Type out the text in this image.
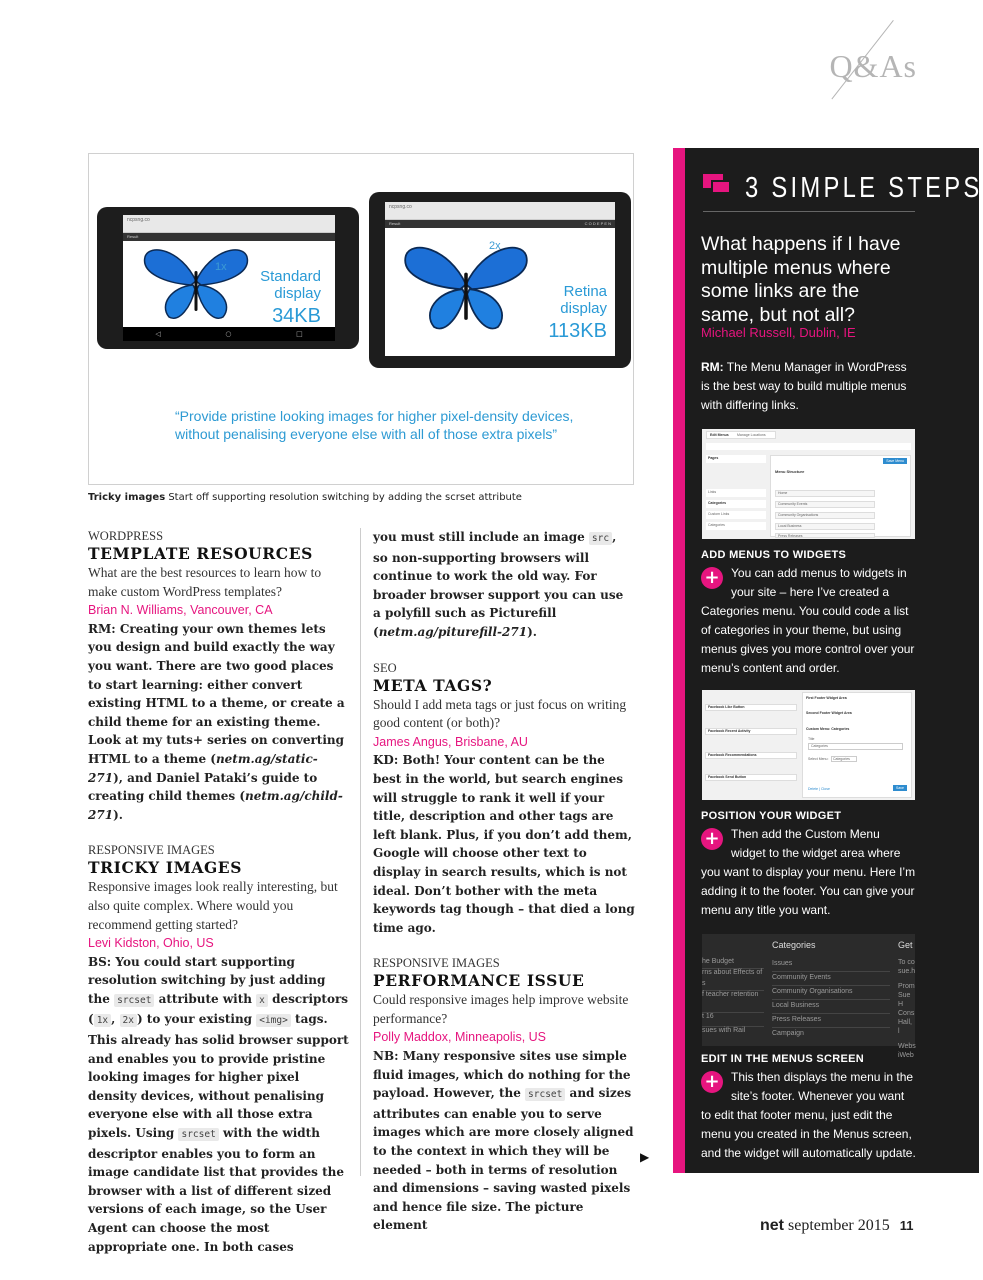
Q&As
ncpsng.co
Result
1x
Standard
display
34KB
◁	○	□
ncpsng.co
Result	C O D E P E N
2x
Retina
display
113KB
“Provide pristine looking images for higher pixel-density devices,
without penalising everyone else with all of those extra pixels”
Tricky images Start off supporting resolution switching by adding the scrset attribute
WORDPRESS
TEMPLATE RESOURCES
What are the best resources to learn how to make custom WordPress templates?
Brian N. Williams, Vancouver, CA
RM: Creating your own themes lets you design and build exactly the way you want. There are two good places to start learning: either convert existing HTML to a theme, or create a child theme for an existing theme. Look at my tuts+ series on converting HTML to a theme (netm.ag/static-271), and Daniel Pataki’s guide to creating child themes (netm.ag/child-271).
RESPONSIVE IMAGES
TRICKY IMAGES
Responsive images look really interesting, but also quite complex. Where would you recommend getting started?
Levi Kidston, Ohio, US
BS: You could start supporting resolution switching by just adding the srcset attribute with x descriptors ( 1x , 2x ) to your existing <img> tags. This already has solid browser support and enables you to provide pristine looking images for higher pixel density devices, without penalising everyone else with all those extra pixels. Using srcset with the width descriptor enables you to form an image candidate list that provides the browser with a list of different sized versions of each image, so the User Agent can choose the most appropriate one. In both cases
you must still include an image src , so non-supporting browsers will continue to work the old way. For broader browser support you can use a polyfill such as Picturefill (netm.ag/piturefill-271).
SEO
META TAGS?
Should I add meta tags or just focus on writing good content (or both)?
James Angus, Brisbane, AU
KD: Both! Your content can be the best in the world, but search engines will struggle to rank it well if your title, description and other tags are left blank. Plus, if you don’t add them, Google will choose other text to display in search results, which is not ideal. Don’t bother with the meta keywords tag though – that died a long time ago.
RESPONSIVE IMAGES
PERFORMANCE ISSUE
Could responsive images help improve website performance?
Polly Maddox, Minneapolis, US
NB: Many responsive sites use simple fluid images, which do nothing for the payload. However, the srcset and sizes attributes can enable you to serve images which are more closely aligned to the context in which they will be needed – both in terms of resolution and dimensions – saving wasted pixels and hence file size. The picture element
▶
3 SIMPLE STEPS
What happens if I have multiple menus where some links are the same, but not all?
Michael Russell, Dublin, IE
RM: The Menu Manager in WordPress is the best way to build multiple menus with differing links.
Edit Menus Manage Locations
Pages
Links
Categories
Custom Links
Categories
Menu Structure
Save Menu
Home
Community Events
Community Organisations
Local Business
Press Releases
ADD MENUS TO WIDGETS
+ You can add menus to widgets in your site – here I’ve created a Categories menu. You could code a list of categories in your theme, but using menus gives you more control over your menu’s content and order.
Facebook Like Button
Facebook Recent Activity
Facebook Recommendations
Facebook Send Button
First Footer Widget Area
Second Footer Widget Area
Custom Menu: Categories
Title
Categories
Select Menu:	Categories
Delete | Close	Save
POSITION YOUR WIDGET
+ Then add the Custom Menu widget to the widget area where you want to display your menu. Here I’m adding it to the footer. You can give your menu any title you want.
Categories	Get
he Budget
rns about Effects of
s
f teacher retention
t 16
sues with Rail
Issues
Community Events
Community Organisations
Local Business
Press Releases
Campaign
To co
sue.h
Prom
Sue H
Cons
Hall, l
Webs
iWeb
EDIT IN THE MENUS SCREEN
+ This then displays the menu in the site’s footer. Whenever you want to edit that footer menu, just edit the menu you created in the Menus screen, and the widget will automatically update.
net september 2015 11
